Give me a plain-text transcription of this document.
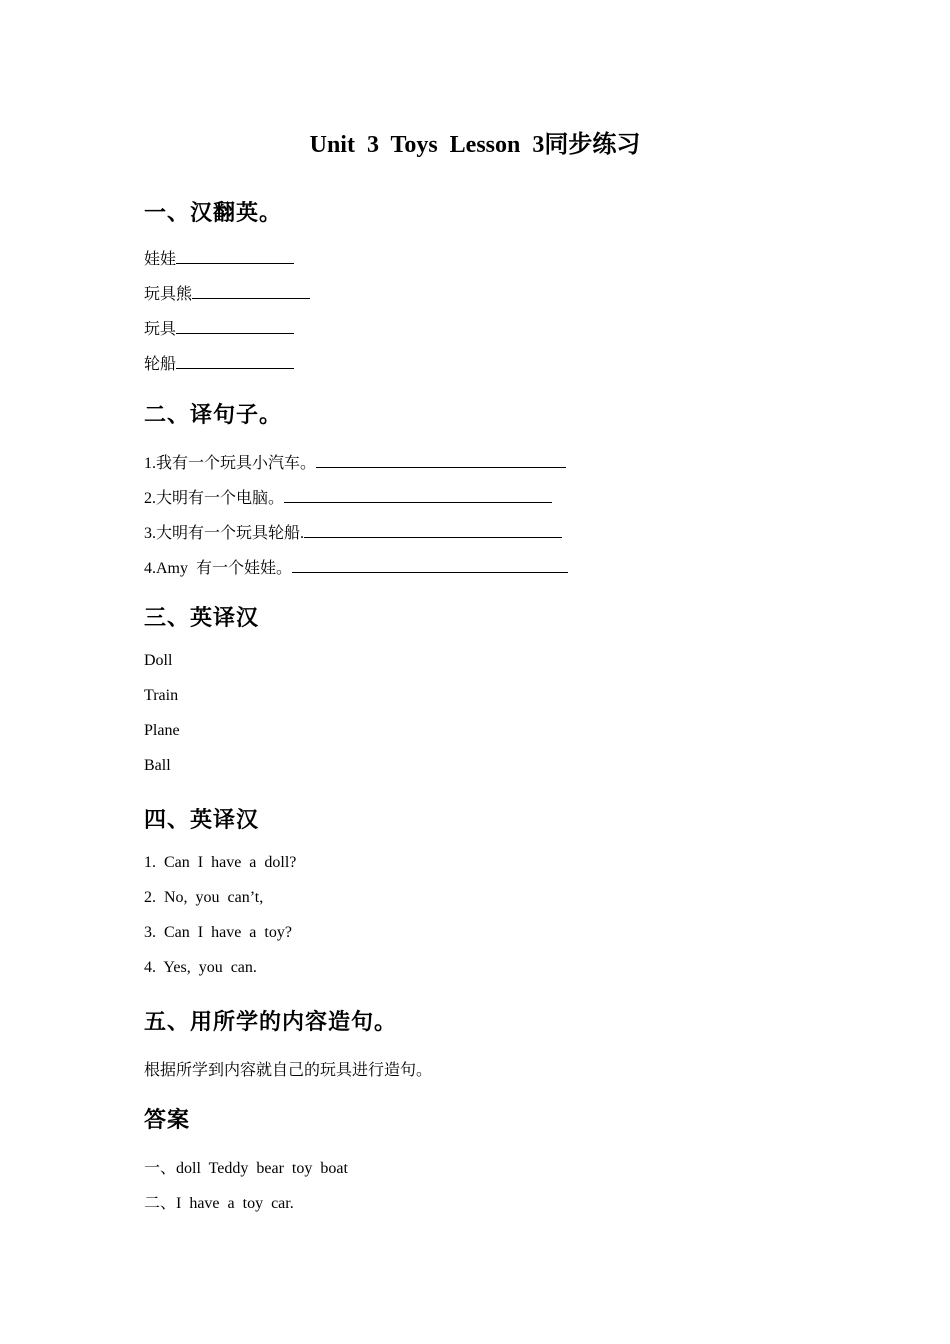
Unit 3 Toys Lesson 3同步练习
一、汉翻英。
娃娃
玩具熊
玩具
轮船
二、译句子。
1.我有一个玩具小汽车。
2.大明有一个电脑。
3.大明有一个玩具轮船.
4.Amy  有一个娃娃。
三、英译汉
Doll
Train
Plane
Ball
四、英译汉
1.  Can  I  have  a  doll?
2.  No,  you  can’t,
3.  Can  I  have  a  toy?
4.  Yes,  you  can.
五、用所学的内容造句。
根据所学到内容就自己的玩具进行造句。
答案
一、doll  Teddy  bear  toy  boat
二、I  have  a  toy  car.
